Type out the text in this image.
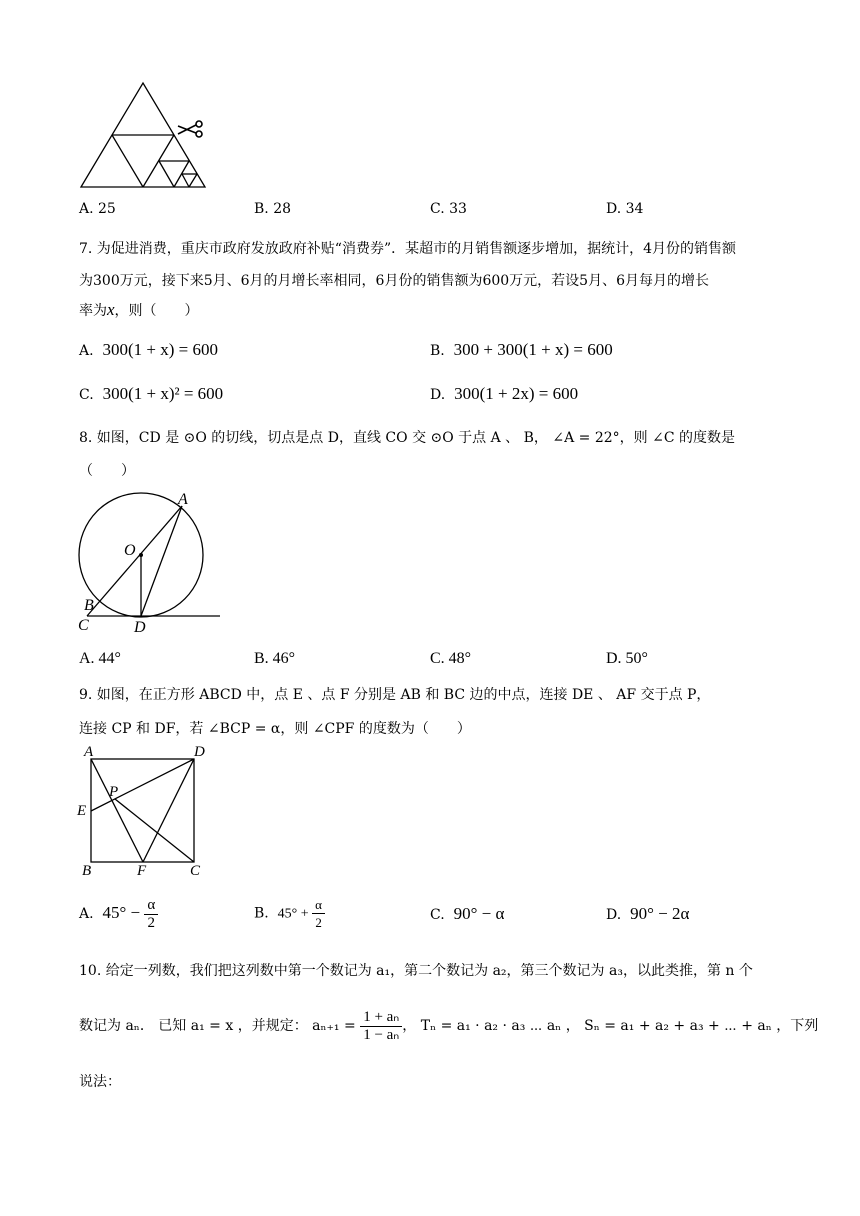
A. 25	B. 28	C. 33	D. 34
7. 为促进消费，重庆市政府发放政府补贴“消费券”．某超市的月销售额逐步增加，据统计，4月份的销售额
为300万元，接下来5月、6月的月增长率相同，6月份的销售额为600万元，若设5月、6月每月的增长
率为x，则（　　）
A. 300(1 + x) = 600	B. 300 + 300(1 + x) = 600
C. 300(1 + x)² = 600	D. 300(1 + 2x) = 600
8. 如图，CD 是 ⊙O 的切线，切点是点 D，直线 CO 交 ⊙O 于点 A 、 B， ∠A = 22°，则 ∠C 的度数是
（　　）
A
O
B
C	D
A. 44°	B. 46°	C. 48°	D. 50°
9. 如图，在正方形 ABCD 中，点 E 、点 F 分别是 AB 和 BC 边的中点，连接 DE 、 AF 交于点 P，
连接 CP 和 DF，若 ∠BCP = α，则 ∠CPF 的度数为（　　）
A	D
E
P
B	F	C
A. $45^\circ - \frac{\alpha}{2}$	B. $45^\circ + \frac{\alpha}{2}$	C. 90° − α	D. 90° − 2α
10. 给定一列数，我们把这列数中第一个数记为 a₁，第二个数记为 a₂，第三个数记为 a₃，以此类推，第 n 个
数记为 aₙ． 已知 a₁ = x ，并规定： $a_{n+1} = \frac{\text{1 + aₙ}}{\text{1 − aₙ}}$ ， Tₙ = a₁ · a₂ · a₃ ⋯ aₙ ， Sₙ = a₁ + a₂ + a₃ + ⋯ + aₙ ，下列
说法：
